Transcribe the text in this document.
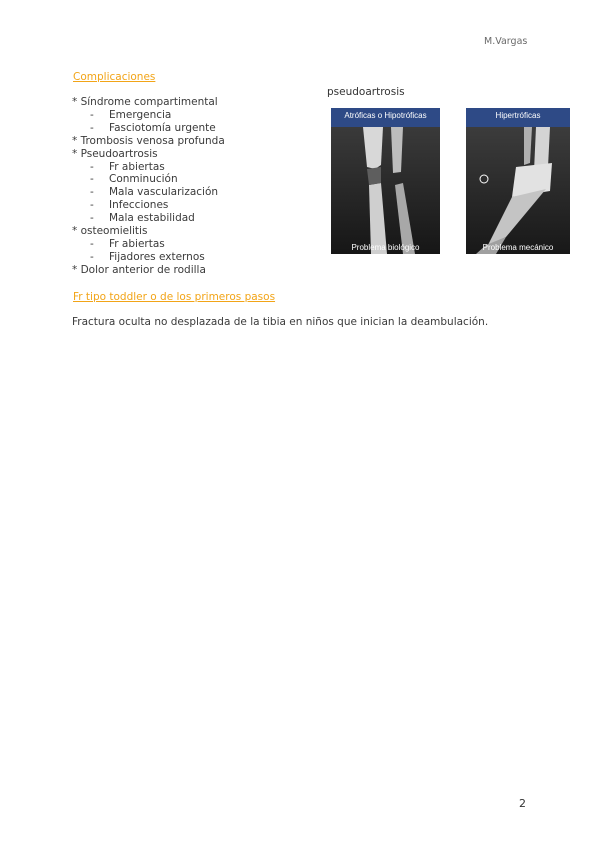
M.Vargas
Complicaciones
* Síndrome compartimental
- Emergencia
- Fasciotomía urgente
* Trombosis venosa profunda
* Pseudoartrosis
- Fr abiertas
- Conminución
- Mala vascularización
- Infecciones
- Mala estabilidad
* osteomielitis
- Fr abiertas
- Fijadores externos
* Dolor anterior de rodilla
pseudoartrosis
Atróficas o Hipotróficas
Problema biológico
Hipertróficas
Problema mecánico
Fr tipo toddler o de los primeros pasos
Fractura oculta no desplazada de la tibia en niños que inician la deambulación.
2
